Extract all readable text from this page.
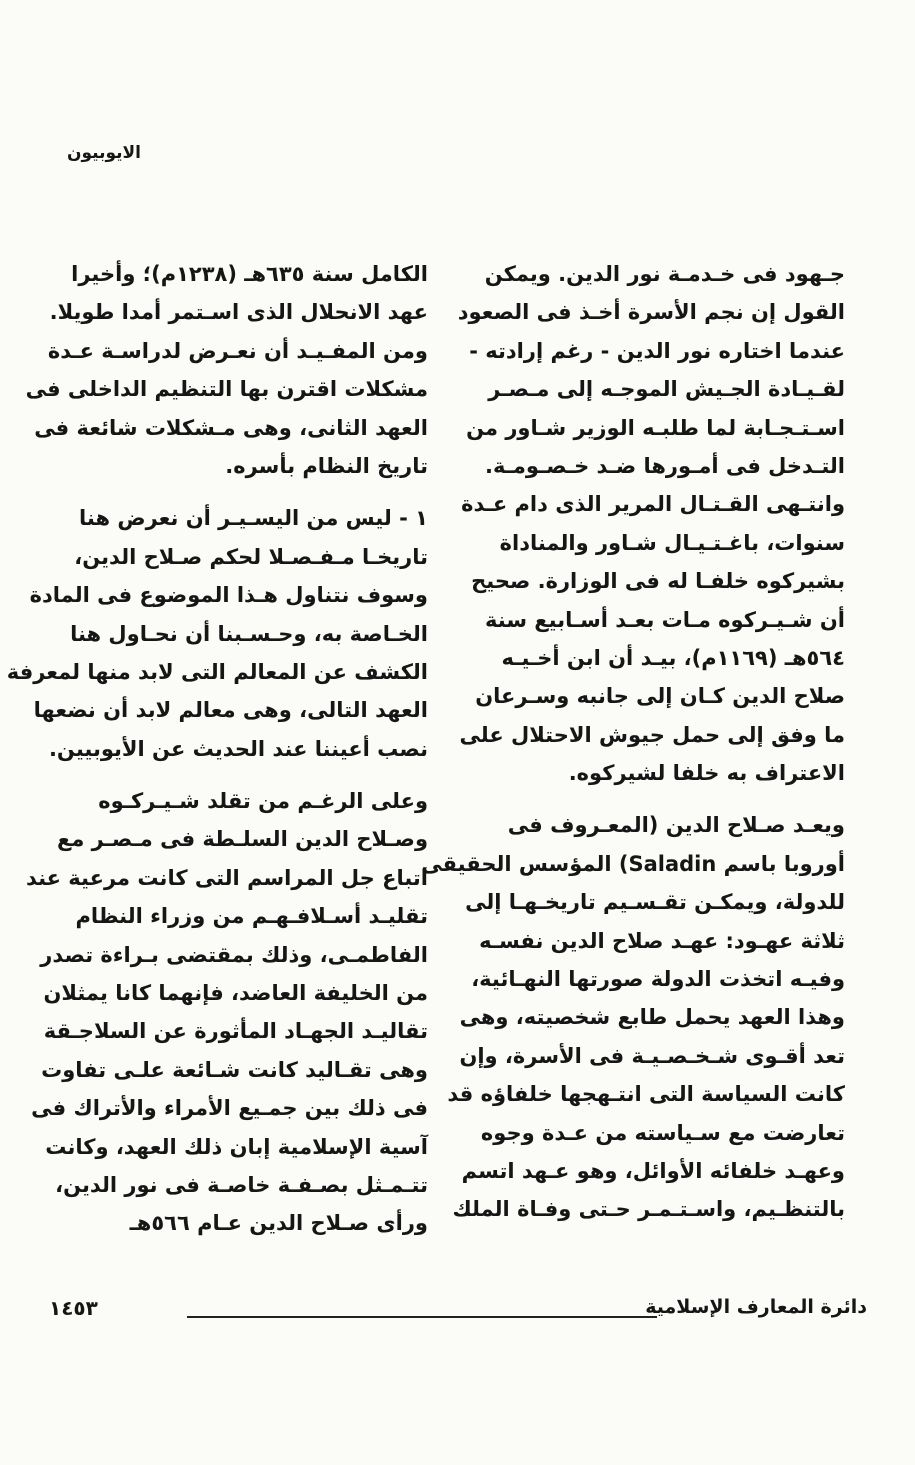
الايوبيون
جـهود فى خـدمـة نور الدين. ويمكن
القول إن نجم الأسرة أخـذ فى الصعود
عندما اختاره نور الدين - رغم إرادته -
لقـيـادة الجـيش الموجـه إلى مـصـر
اسـتـجـابة لما طلبـه الوزير شـاور من
التـدخل فى أمـورها ضـد خـصـومـة.
وانتـهى القـتـال المرير الذى دام عـدة
سنوات، باغـتـيـال شـاور والمناداة
بشيركوه خلفـا له فى الوزارة. صحيح
أن شـيـركوه مـات بعـد أسـابيع سنة
٥٦٤هـ (١١٦٩م)، بيـد أن ابن أخـيـه
صلاح الدين كـان إلى جانبه وسـرعان
ما وفق إلى حمل جيوش الاحتلال على
الاعتراف به خلفا لشيركوه.
ويعـد صـلاح الدين (المعـروف فى
أوروبا باسم Saladin) المؤسس الحقيقى
للدولة، ويمكـن تقـسـيم تاريخـهـا إلى
ثلاثة عهـود: عهـد صلاح الدين نفسـه
وفيـه اتخذت الدولة صورتها النهـائية،
وهذا العهد يحمل طابع شخصيته، وهى
تعد أقـوى شـخـصـيـة فى الأسرة، وإن
كانت السياسة التى انتـهجها خلفاؤه قد
تعارضت مع سـياسته من عـدة وجوه
وعهـد خلفائه الأوائل، وهو عـهد اتسم
بالتنظـيم، واسـتـمـر حـتى وفـاة الملك
الكامل سنة ٦٣٥هـ (١٢٣٨م)؛ وأخيرا
عهد الانحلال الذى اسـتمر أمدا طويلا.
ومن المفـيـد أن نعـرض لدراسـة عـدة
مشكلات اقترن بها التنظيم الداخلى فى
العهد الثانى، وهى مـشكلات شائعة فى
تاريخ النظام بأسره.
١ - ليس من اليسـيـر أن نعرض هنا
تاريخـا مـفـصـلا لحكم صـلاح الدين،
وسوف نتناول هـذا الموضوع فى المادة
الخـاصة به، وحـسـبنا أن نحـاول هنا
الكشف عن المعالم التى لابد منها لمعرفة
العهد التالى، وهى معالم لابد أن نضعها
نصب أعيننا عند الحديث عن الأيوبيين.
وعلى الرغـم من تقلد شـيـركـوه
وصـلاح الدين السلـطة فى مـصـر مع
اتباع جل المراسم التى كانت مرعية عند
تقليـد أسـلافـهـم من وزراء النظام
الفاطمـى، وذلك بمقتضى بـراءة تصدر
من الخليفة العاضد، فإنهما كانا يمثلان
تقاليـد الجهـاد المأثورة عن السلاجـقة
وهى تقـاليد كانت شـائعة علـى تفاوت
فى ذلك بين جمـيع الأمراء والأتراك فى
آسية الإسلامية إبان ذلك العهد، وكانت
تتـمـثل بصـفـة خاصـة فى نور الدين،
ورأى صـلاح الدين عـام ٥٦٦هـ
دائرة المعارف الإسلامية
١٤٥٣
